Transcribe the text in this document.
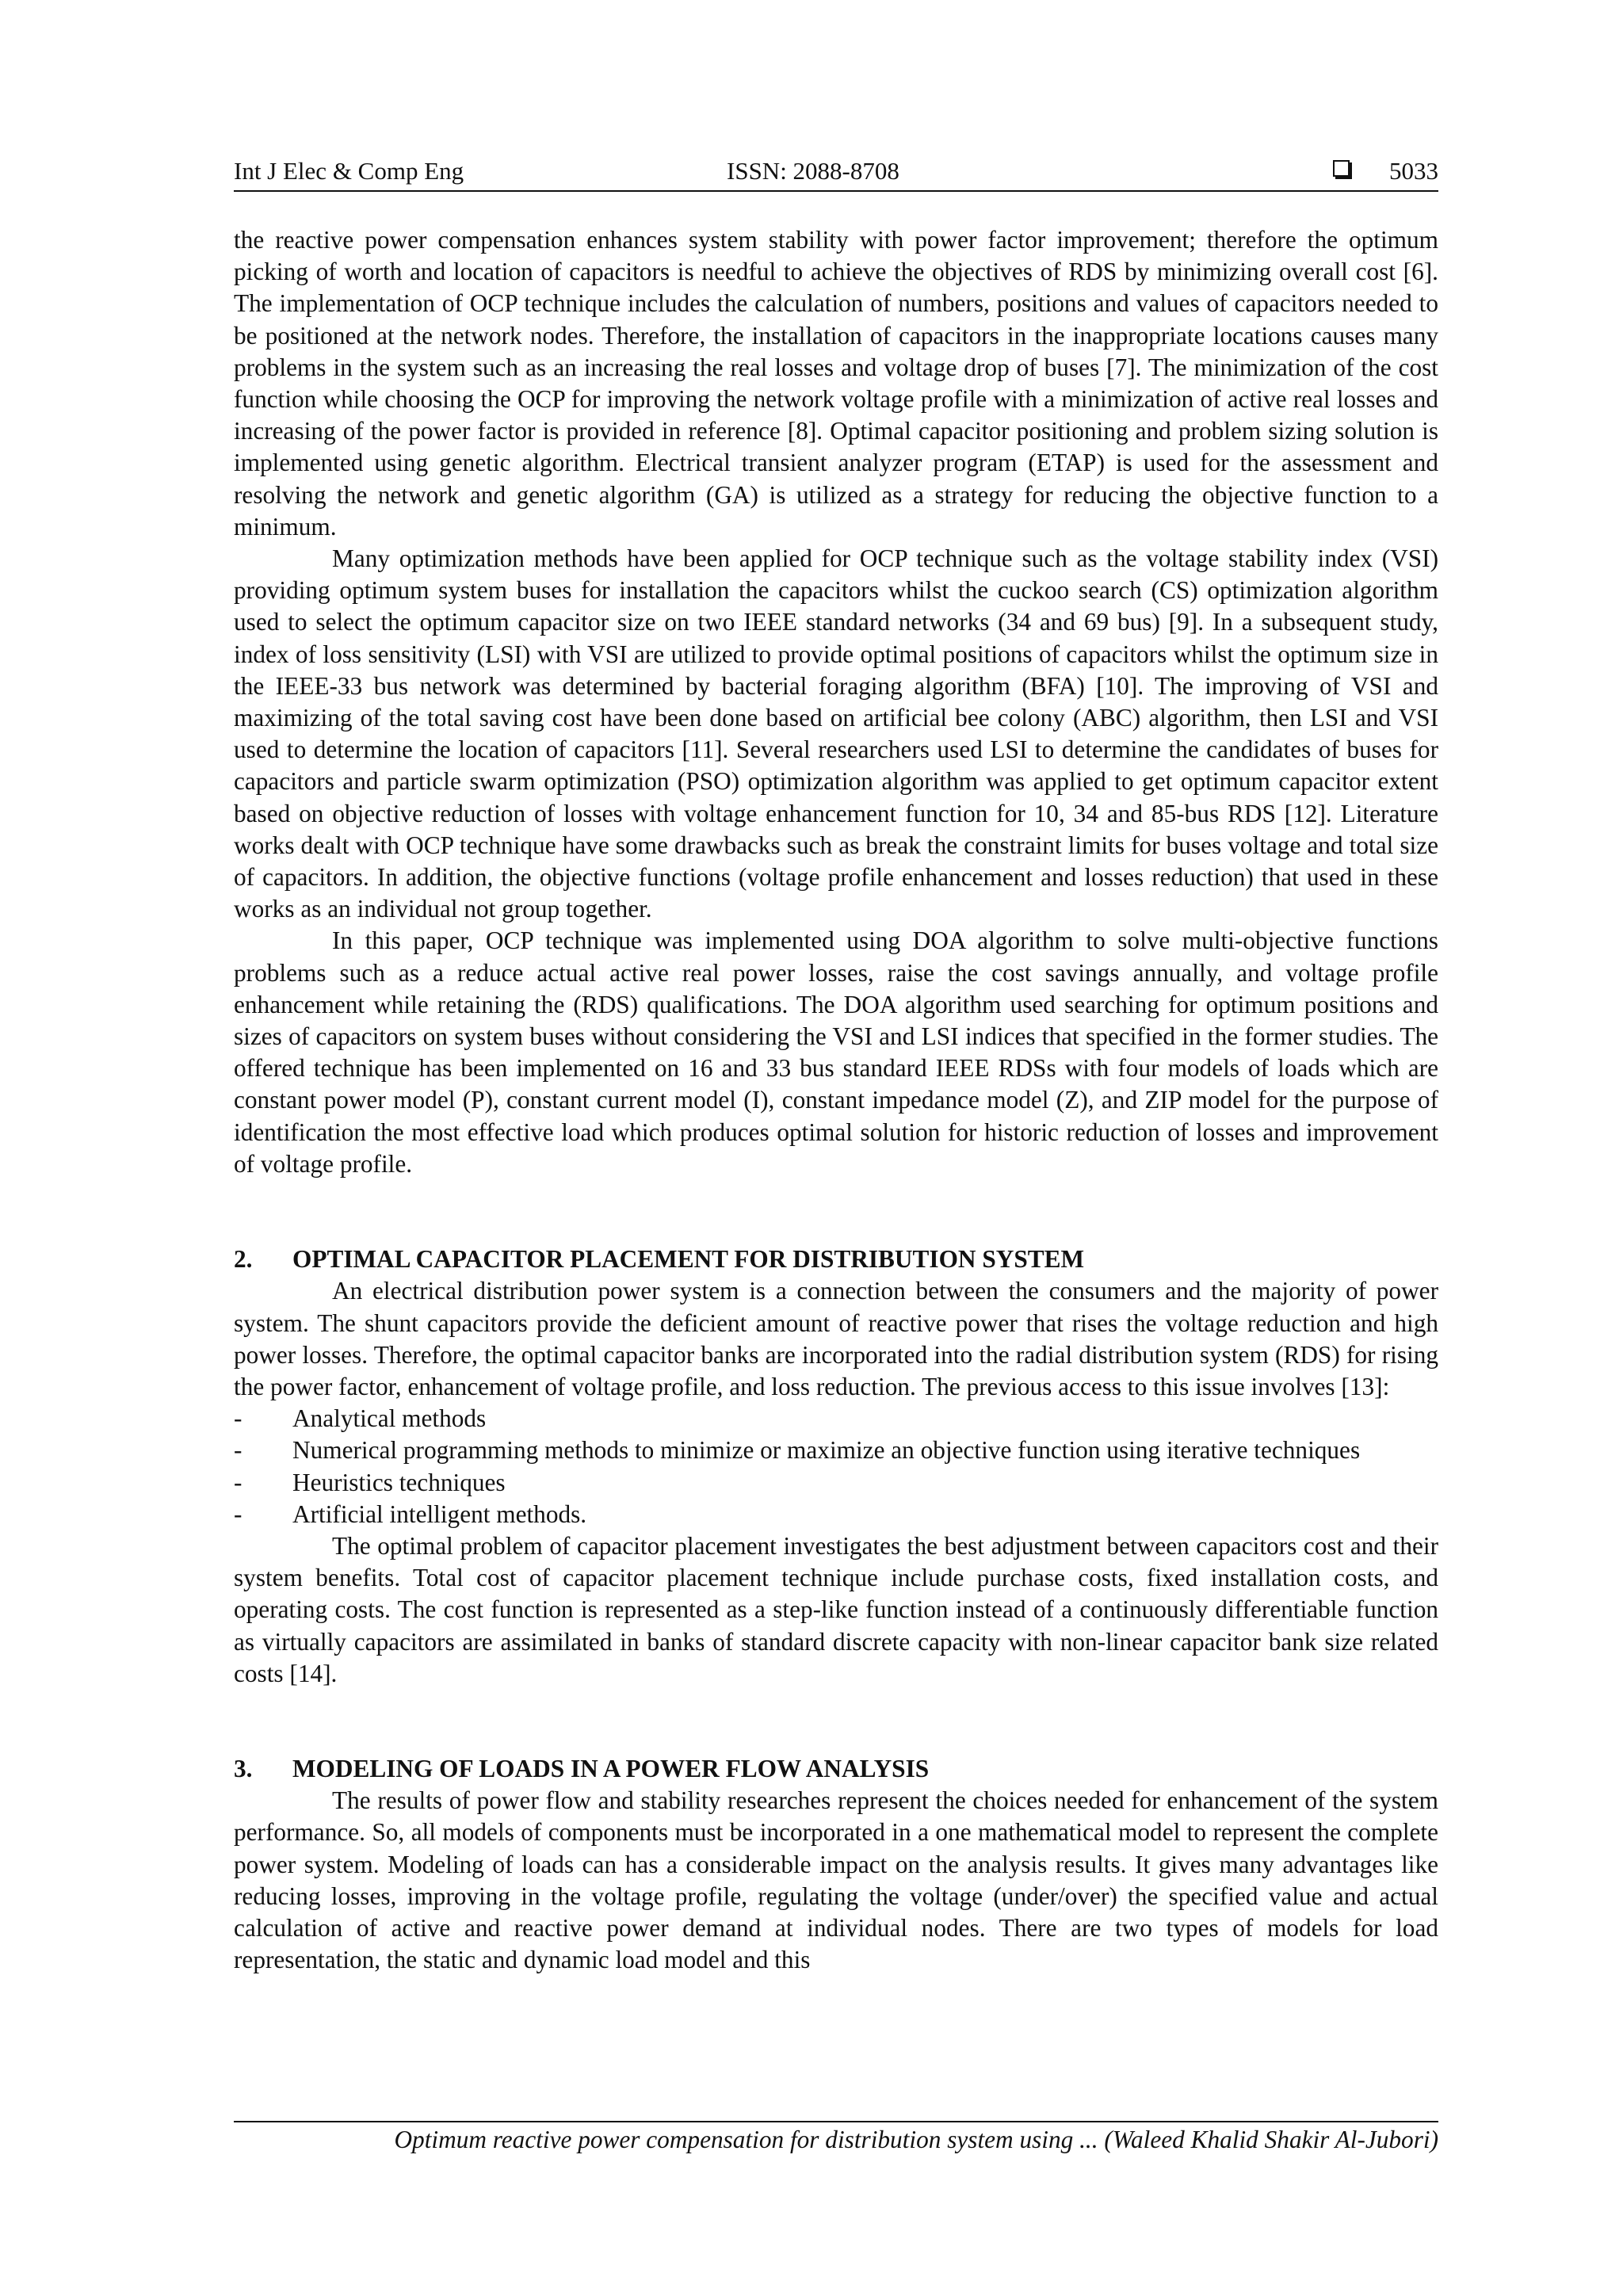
Int J Elec & Comp Eng	ISSN: 2088-8708	5033

the reactive power compensation enhances system stability with power factor improvement; therefore the optimum picking of worth and location of capacitors is needful to achieve the objectives of RDS by minimizing overall cost [6]. The implementation of OCP technique includes the calculation of numbers, positions and values of capacitors needed to be positioned at the network nodes. Therefore, the installation of capacitors in the inappropriate locations causes many problems in the system such as an increasing the real losses and voltage drop of buses [7]. The minimization of the cost function while choosing the OCP for improving the network voltage profile with a minimization of active real losses and increasing of the power factor is provided in reference [8]. Optimal capacitor positioning and problem sizing solution is implemented using genetic algorithm. Electrical transient analyzer program (ETAP) is used for the assessment and resolving the network and genetic algorithm (GA) is utilized as a strategy for reducing the objective function to a minimum.

Many optimization methods have been applied for OCP technique such as the voltage stability index (VSI) providing optimum system buses for installation the capacitors whilst the cuckoo search (CS) optimization algorithm used to select the optimum capacitor size on two IEEE standard networks (34 and 69 bus) [9]. In a subsequent study, index of loss sensitivity (LSI) with VSI are utilized to provide optimal positions of capacitors whilst the optimum size in the IEEE-33 bus network was determined by bacterial foraging algorithm (BFA) [10]. The improving of VSI and maximizing of the total saving cost have been done based on artificial bee colony (ABC) algorithm, then LSI and VSI used to determine the location of capacitors [11]. Several researchers used LSI to determine the candidates of buses for capacitors and particle swarm optimization (PSO) optimization algorithm was applied to get optimum capacitor extent based on objective reduction of losses with voltage enhancement function for 10, 34 and 85-bus RDS [12]. Literature works dealt with OCP technique have some drawbacks such as break the constraint limits for buses voltage and total size of capacitors. In addition, the objective functions (voltage profile enhancement and losses reduction) that used in these works as an individual not group together.

In this paper, OCP technique was implemented using DOA algorithm to solve multi-objective functions problems such as a reduce actual active real power losses, raise the cost savings annually, and voltage profile enhancement while retaining the (RDS) qualifications. The DOA algorithm used searching for optimum positions and sizes of capacitors on system buses without considering the VSI and LSI indices that specified in the former studies. The offered technique has been implemented on 16 and 33 bus standard IEEE RDSs with four models of loads which are constant power model (P), constant current model (I), constant impedance model (Z), and ZIP model for the purpose of identification the most effective load which produces optimal solution for historic reduction of losses and improvement of voltage profile.

2.	OPTIMAL CAPACITOR PLACEMENT FOR DISTRIBUTION SYSTEM

An electrical distribution power system is a connection between the consumers and the majority of power system. The shunt capacitors provide the deficient amount of reactive power that rises the voltage reduction and high power losses. Therefore, the optimal capacitor banks are incorporated into the radial distribution system (RDS) for rising the power factor, enhancement of voltage profile, and loss reduction. The previous access to this issue involves [13]:

-	Analytical methods
-	Numerical programming methods to minimize or maximize an objective function using iterative techniques
-	Heuristics techniques
-	Artificial intelligent methods.

The optimal problem of capacitor placement investigates the best adjustment between capacitors cost and their system benefits. Total cost of capacitor placement technique include purchase costs, fixed installation costs, and operating costs. The cost function is represented as a step-like function instead of a continuously differentiable function as virtually capacitors are assimilated in banks of standard discrete capacity with non-linear capacitor bank size related costs [14].

3.	MODELING OF LOADS IN A POWER FLOW ANALYSIS

The results of power flow and stability researches represent the choices needed for enhancement of the system performance. So, all models of components must be incorporated in a one mathematical model to represent the complete power system. Modeling of loads can has a considerable impact on the analysis results. It gives many advantages like reducing losses, improving in the voltage profile, regulating the voltage (under/over) the specified value and actual calculation of active and reactive power demand at individual nodes. There are two types of models for load representation, the static and dynamic load model and this

Optimum reactive power compensation for distribution system using ... (Waleed Khalid Shakir Al-Jubori)
